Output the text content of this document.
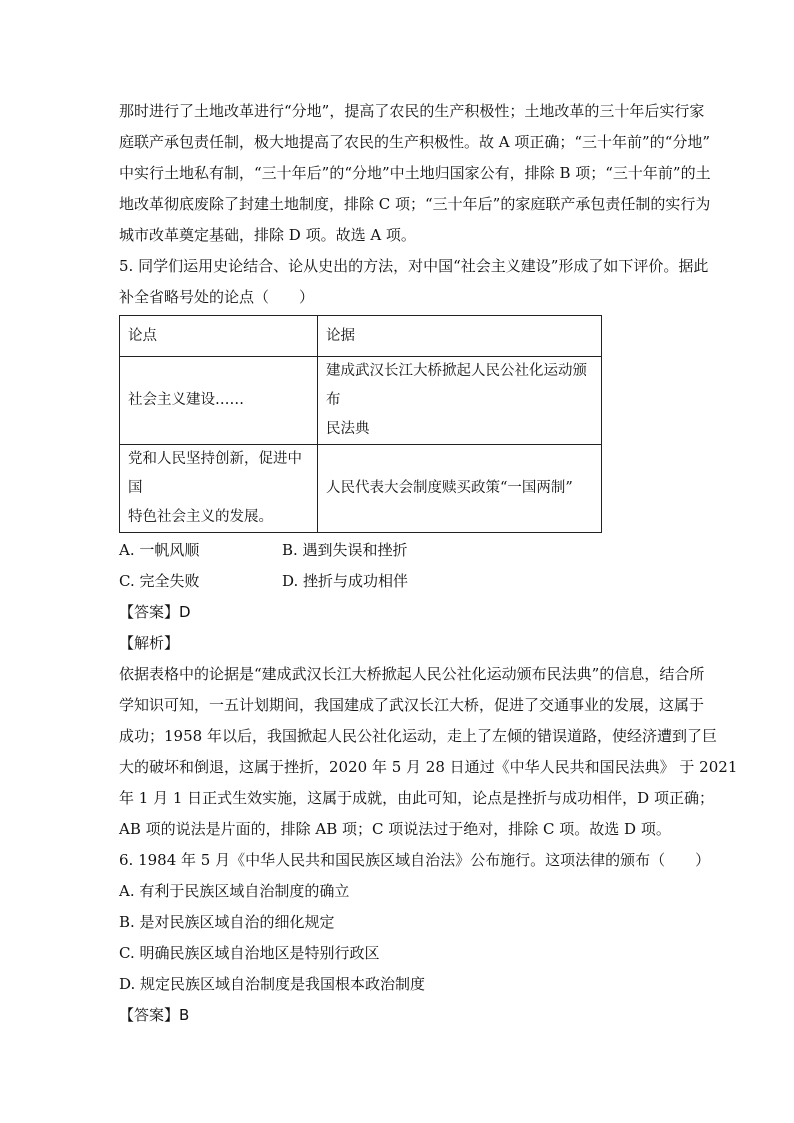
那时进行了土地改革进行“分地”，提高了农民的生产积极性；土地改革的三十年后实行家
庭联产承包责任制，极大地提高了农民的生产积极性。故 A 项正确；“三十年前”的“分地”
中实行土地私有制，“三十年后”的“分地”中土地归国家公有，排除 B 项；“三十年前”的土
地改革彻底废除了封建土地制度，排除 C 项；“三十年后”的家庭联产承包责任制的实行为
城市改革奠定基础，排除 D 项。故选 A 项。
5. 同学们运用史论结合、论从史出的方法，对中国“社会主义建设”形成了如下评价。据此
补全省略号处的论点（　　）
论点	论据

社会主义建设……	建成武汉长江大桥掀起人民公社化运动颁布
民法典

党和人民坚持创新，促进中国
特色社会主义的发展。	人民代表大会制度赎买政策“一国两制”
A. 一帆风顺	B. 遇到失误和挫折
C. 完全失败	D. 挫折与成功相伴
【答案】D
【解析】
依据表格中的论据是“建成武汉长江大桥掀起人民公社化运动颁布民法典”的信息，结合所
学知识可知，一五计划期间，我国建成了武汉长江大桥，促进了交通事业的发展，这属于
成功；1958 年以后，我国掀起人民公社化运动，走上了左倾的错误道路，使经济遭到了巨
大的破坏和倒退，这属于挫折，2020 年 5 月 28 日通过《中华人民共和国民法典》 于 2021
年 1 月 1 日正式生效实施，这属于成就，由此可知，论点是挫折与成功相伴，D 项正确；
AB 项的说法是片面的，排除 AB 项；C 项说法过于绝对，排除 C 项。故选 D 项。
6. 1984 年 5 月《中华人民共和国民族区域自治法》公布施行。这项法律的颁布（　　）
A. 有利于民族区域自治制度的确立
B. 是对民族区域自治的细化规定
C. 明确民族区域自治地区是特别行政区
D. 规定民族区域自治制度是我国根本政治制度
【答案】B
